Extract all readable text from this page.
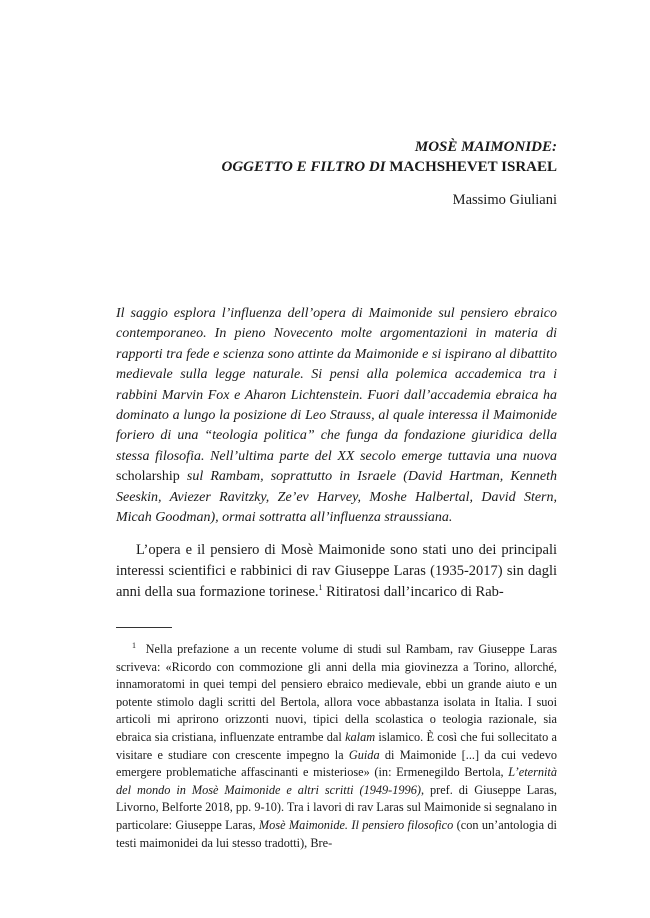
MOSÈ MAIMONIDE:
OGGETTO E FILTRO DI MACHSHEVET ISRAEL
Massimo Giuliani

Il saggio esplora l’influenza dell’opera di Maimonide sul pensiero ebraico contemporaneo. In pieno Novecento molte argomentazioni in materia di rapporti tra fede e scienza sono attinte da Maimonide e si ispirano al dibattito medievale sulla legge naturale. Si pensi alla polemica accademica tra i rabbini Marvin Fox e Aharon Lichtenstein. Fuori dall’accademia ebraica ha dominato a lungo la posizione di Leo Strauss, al quale interessa il Maimonide foriero di una “teologia politica” che funga da fondazione giuridica della stessa filosofia. Nell’ultima parte del XX secolo emerge tuttavia una nuova scholarship sul Rambam, soprattutto in Israele (David Hartman, Kenneth Seeskin, Aviezer Ravitzky, Ze’ev Harvey, Moshe Halbertal, David Stern, Micah Goodman), ormai sottratta all’influenza straussiana.

L’opera e il pensiero di Mosè Maimonide sono stati uno dei principali interessi scientifici e rabbinici di rav Giuseppe Laras (1935-2017) sin dagli anni della sua formazione torinese.$^1$ Ritiratosi dall’incarico di Rab-

$^1$ Nella prefazione a un recente volume di studi sul Rambam, rav Giuseppe Laras scriveva: «Ricordo con commozione gli anni della mia giovinezza a Torino, allorché, innamoratomi in quei tempi del pensiero ebraico medievale, ebbi un grande aiuto e un potente stimolo dagli scritti del Bertola, allora voce abbastanza isolata in Italia. I suoi articoli mi aprirono orizzonti nuovi, tipici della scolastica o teologia razionale, sia ebraica sia cristiana, influenzate entrambe dal kalam islamico. È così che fui sollecitato a visitare e studiare con crescente impegno la Guida di Maimonide [...] da cui vedevo emergere problematiche affascinanti e misteriose» (in: Ermenegildo Bertola, L’eternità del mondo in Mosè Maimonide e altri scritti (1949-1996), pref. di Giuseppe Laras, Livorno, Belforte 2018, pp. 9-10). Tra i lavori di rav Laras sul Maimonide si segnalano in particolare: Giuseppe Laras, Mosè Maimonide. Il pensiero filosofico (con un’antologia di testi maimonidei da lui stesso tradotti), Bre-
